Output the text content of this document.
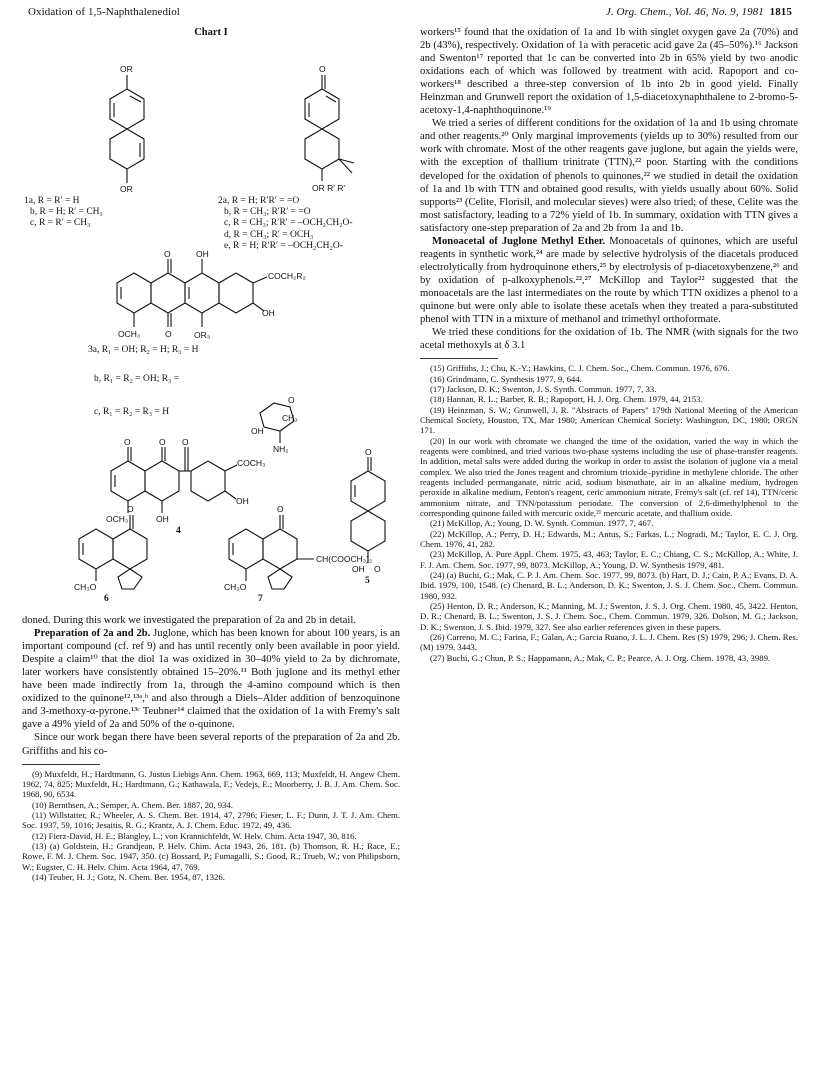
Oxidation of 1,5-Naphthalenediol	J. Org. Chem., Vol. 46, No. 9, 1981 1815
Chart I
OR
OR
O
OR R′ R′
1a, R = R′ = H
b, R = H; R′ = CH₃
c, R = R′ = CH₃
2a, R = H; R′R′ = =O
b, R = CH₃; R′R′ = =O
c, R = CH₃; R′R′ = –OCH₂CH₂O-
d, R = CH₃; R′ = OCH₃
e, R = H; R′R′ = –OCH₂CH₂O-
O	OH
COCH₂R₂
OH
OCH₃	O	OR₃
3a, R₁ = OH; R₂ = H; R₃ = H
b, R₁ = R₂ = OH; R₃ =
c, R₁ = R₂ = R₃ = H
CH₃
OH
O
NH₂
O	O O
COCH₃
OH
OCH₃	OH
4
O
OH O
5
O
CH₃O
6
O
CH(COOCH₃)₂
CH₃O
7

doned. During this work we investigated the preparation of 2a and 2b in detail.

Preparation of 2a and 2b. Juglone, which has been known for about 100 years, is an important compound (cf. ref 9) and has until recently only been available in poor yield. Despite a claim¹⁰ that the diol 1a was oxidized in 30–40% yield to 2a by dichromate, later workers have consistently obtained 15–20%.¹¹ Both juglone and its methyl ether have been made indirectly from 1a, through the 4-amino compound which is then oxidized to the quinone¹²,¹³ᵃ,ᵇ and also through a Diels–Alder addition of benzoquinone and 3-methoxy-α-pyrone.¹³ᶜ Teubner¹⁴ claimed that the oxidation of 1a with Fremy's salt gave a 49% yield of 2a and 50% of the o-quinone.

Since our work began there have been several reports of the preparation of 2a and 2b. Griffiths and his co-

(9) Muxfeldt, H.; Hardtmann, G. Justus Liebigs Ann. Chem. 1963, 669, 113; Muxfeldt, H. Angew Chem. 1962, 74, 825; Muxfeldt, H.; Hardtmann, G.; Kathawala, F.; Vedejs, E.; Moorberry, J. B. J. Am. Chem. Soc. 1968, 90, 6534.

(10) Bernthsen, A.; Semper, A. Chem. Ber. 1887, 20, 934.

(11) Willstatter, R.; Wheeler, A. S. Chem. Ber. 1914, 47, 2796; Fieser, L. F.; Dunn, J. T. J. Am. Chem. Soc. 1937, 59, 1016; Jesaitis, R. G.; Krantz, A. J. Chem. Educ. 1972, 49, 436.

(12) Fierz-David, H. E.; Blangley, L.; von Krannichfeldt, W. Helv. Chim. Acta 1947, 30, 816.

(13) (a) Goldstein, H.; Grandjean, P. Helv. Chim. Acta 1943, 26, 181. (b) Thomson, R. H.; Race, E.; Rowe, F. M. J. Chem. Soc. 1947, 350. (c) Bossard, P.; Fumagalli, S.; Good, R.; Trueb, W.; von Philipsborn, W.; Eugster, C. H. Helv. Chim. Acta 1964, 47, 769.

(14) Teuber, H. J.; Gotz, N. Chem. Ber. 1954, 87, 1326.

workers¹⁵ found that the oxidation of 1a and 1b with singlet oxygen gave 2a (70%) and 2b (43%), respectively. Oxidation of 1a with peracetic acid gave 2a (45–50%).¹⁶ Jackson and Swenton¹⁷ reported that 1c can be converted into 2b in 65% yield by two anodic oxidations each of which was followed by treatment with acid. Rapoport and co-workers¹⁸ described a three-step conversion of 1b into 2b in good yield. Finally Heinzman and Grunwell report the oxidation of 1,5-diacetoxynaphthalene to 2-bromo-5-acetoxy-1,4-naphthoquinone.¹⁹

We tried a series of different conditions for the oxidation of 1a and 1b using chromate and other reagents.²⁰ Only marginal improvements (yields up to 30%) resulted from our work with chromate. Most of the other reagents gave juglone, but again the yields were, with the exception of thallium trinitrate (TTN),²² poor. Starting with the conditions developed for the oxidation of phenols to quinones,²² we studied in detail the oxidation of 1a and 1b with TTN and obtained good results, with yields usually about 60%. Solid supports²³ (Celite, Florisil, and molecular sieves) were also tried; of these, Celite was the most satisfactory, leading to a 72% yield of 1b. In summary, oxidation with TTN gives a satisfactory one-step preparation of 2a and 2b from 1a and 1b.

Monoacetal of Juglone Methyl Ether. Monoacetals of quinones, which are useful reagents in synthetic work,²⁴ are made by selective hydrolysis of the diacetals produced electrolytically from hydroquinone ethers,²⁵ by electrolysis of p-diacetoxybenzene,²⁶ and by oxidation of p-alkoxyphenols.²²,²⁷ McKillop and Taylor²² suggested that the monoacetals are the last intermediates on the route by which TTN oxidizes a phenol to a quinone but were only able to isolate these acetals when they treated a para-substituted phenol with TTN in a mixture of methanol and trimethyl orthoformate.

We tried these conditions for the oxidation of 1b. The NMR (with signals for the two acetal methoxyls at δ 3.1

(15) Griffiths, J.; Chu, K.-Y.; Hawkins, C. J. Chem. Soc., Chem. Commun. 1976, 676.

(16) Grindmann, C. Synthesis 1977, 9, 644.

(17) Jackson, D. K.; Swenton, J. S. Synth. Commun. 1977, 7, 33.

(18) Hannan, R. L.; Barber, R. B.; Rapoport, H. J. Org. Chem. 1979, 44, 2153.

(19) Heinzman, S. W.; Grunwell, J. R. "Abstracts of Papers" 179th National Meeting of the American Chemical Society, Houston, TX, Mar 1980; American Chemical Society: Washington, DC, 1980; ORGN 171.

(20) In our work with chromate we changed the time of the oxidation, varied the way in which the reagents were combined, and tried various two-phase systems including the use of phase-transfer reagents. In addition, metal salts were added during the workup in order to assist the isolation of juglone via a metal complex. We also tried the Jones reagent and chromium trioxide–pyridine in methylene chloride. The other reagents included permanganate, nitric acid, sodium bismuthate, air in an alkaline medium, hydrogen peroxide in alkaline medium, Fenton's reagent, ceric ammonium nitrate, Fremy's salt (cf. ref 14), TTN/ceric ammonium nitrate, and TNN/potassium periodate. The conversion of 2,6-dimethylphenol to the corresponding quinone failed with mercuric oxide,²¹ mercuric acetate, and thallium oxide.

(21) McKillop, A.; Young, D. W. Synth. Commun. 1977, 7, 467.

(22) McKillop, A.; Perry, D. H.; Edwards, M.; Antus, S.; Farkas, L.; Nogradi, M.; Taylor, E. C. J. Org. Chem. 1976, 41, 282.

(23) McKillop, A. Pure Appl. Chem. 1975, 43, 463; Taylor, E. C.; Chiang, C. S.; McKillop, A.; White, J. F. J. Am. Chem. Soc. 1977, 99, 8073. McKillop, A.; Young, D. W. Synthesis 1979, 481.

(24) (a) Buchi, G.; Mak, C. P. J. Am. Chem. Soc. 1977, 99, 8073. (b) Hart, D. J.; Cain, P. A.; Evans, D. A. Ibid. 1979, 100, 1548. (c) Chenard, B. L.; Anderson, D. K.; Swenton, J. S. J. Chem. Soc., Chem. Commun. 1980, 932.

(25) Henton, D. R.; Anderson, K.; Manning, M. J.; Swenton, J. S. J. Org. Chem. 1980, 45, 3422. Henton, D. R.; Chenard, B. L.; Swenton, J. S. J. Chem. Soc., Chem. Commun. 1979, 326. Dolson, M. G.; Jackson, D. K.; Swenton, J. S. Ibid. 1979, 327. See also earlier references given in these papers.

(26) Carreno, M. C.; Farina, F.; Galan, A.; Garcia Ruano, J. L. J. Chem. Res (S) 1979, 296; J. Chem. Res. (M) 1979, 3443.

(27) Buchi, G.; Chun, P. S.; Happamann, A.; Mak, C. P.; Pearce, A. J. Org. Chem. 1978, 43, 3989.
